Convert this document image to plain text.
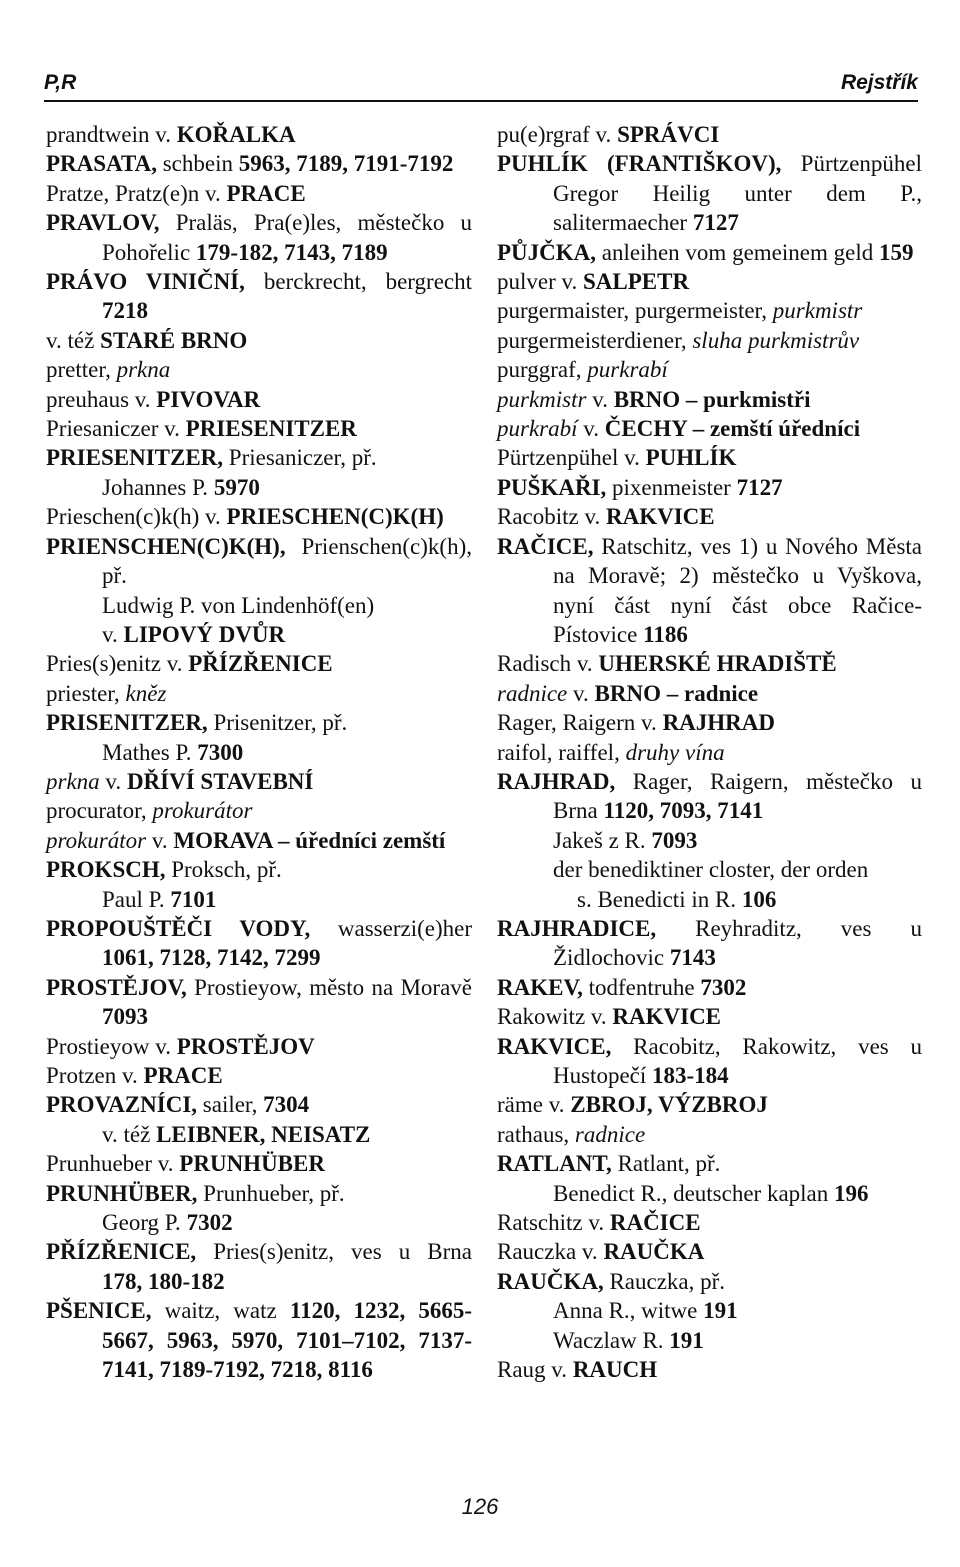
P,R	Rejstřík

prandtwein v. KOŘALKA

PRASATA, schbein 5963, 7189, 7191-7192

Pratze, Pratz(e)n v. PRACE

PRAVLOV, Praläs, Pra(e)les, městečko u Pohořelic 179-182, 7143, 7189

PRÁVO VINIČNÍ, berckrecht, bergrecht 7218

v. též STARÉ BRNO

pretter, prkna

preuhaus v. PIVOVAR

Priesaniczer v. PRIESENITZER

PRIESENITZER, Priesaniczer, př.

Johannes P. 5970

Prieschen(c)k(h) v. PRIESCHEN(C)K(H)

PRIENSCHEN(C)K(H), Prienschen(c)k(h), př.

Ludwig P. von Lindenhöf(en)

v. LIPOVÝ DVŮR

Pries(s)enitz v. PŘÍZŘENICE

priester, kněz

PRISENITZER, Prisenitzer, př.

Mathes P. 7300

prkna v. DŘÍVÍ STAVEBNÍ

procurator, prokurátor

prokurátor v. MORAVA – úředníci zemští

PROKSCH, Proksch, př.

Paul P. 7101

PROPOUŠTĚČI VODY, wasserzi(e)her 1061, 7128, 7142, 7299

PROSTĚJOV, Prostieyow, město na Moravě 7093

Prostieyow v. PROSTĚJOV

Protzen v. PRACE

PROVAZNÍCI, sailer, 7304

v. též LEIBNER, NEISATZ

Prunhueber v. PRUNHÜBER

PRUNHÜBER, Prunhueber, př.

Georg P. 7302

PŘÍZŘENICE, Pries(s)enitz, ves u Brna 178, 180-182

PŠENICE, waitz, watz 1120, 1232, 5665-5667, 5963, 5970, 7101–7102, 7137-7141, 7189-7192, 7218, 8116

pu(e)rgraf v. SPRÁVCI

PUHLÍK (FRANTIŠKOV), Pürtzenpühel Gregor Heilig unter dem P., salitermaecher 7127

PŮJČKA, anleihen vom gemeinem geld 159

pulver v. SALPETR

purgermaister, purgermeister, purkmistr

purgermeisterdiener, sluha purkmistrův

purggraf, purkrabí

purkmistr v. BRNO – purkmistři

purkrabí v. ČECHY – zemští úředníci

Pürtzenpühel v. PUHLÍK

PUŠKAŘI, pixenmeister 7127

Racobitz v. RAKVICE

RAČICE, Ratschitz, ves 1) u Nového Města na Moravě; 2) městečko u Vyškova, nyní část nyní část obce Račice-Pístovice 1186

Radisch v. UHERSKÉ HRADIŠTĚ

radnice v. BRNO – radnice

Rager, Raigern v. RAJHRAD

raifol, raiffel, druhy vína

RAJHRAD, Rager, Raigern, městečko u Brna 1120, 7093, 7141

Jakeš z R. 7093

der benediktiner closter, der orden

s. Benedicti in R. 106

RAJHRADICE, Reyhraditz, ves u Židlochovic 7143

RAKEV, todfentruhe 7302

Rakowitz v. RAKVICE

RAKVICE, Racobitz, Rakowitz, ves u Hustopečí 183-184

räme v. ZBROJ, VÝZBROJ

rathaus, radnice

RATLANT, Ratlant, př.

Benedict R., deutscher kaplan 196

Ratschitz v. RAČICE

Rauczka v. RAUČKA

RAUČKA, Rauczka, př.

Anna R., witwe 191

Waczlaw R. 191

Raug v. RAUCH

126
